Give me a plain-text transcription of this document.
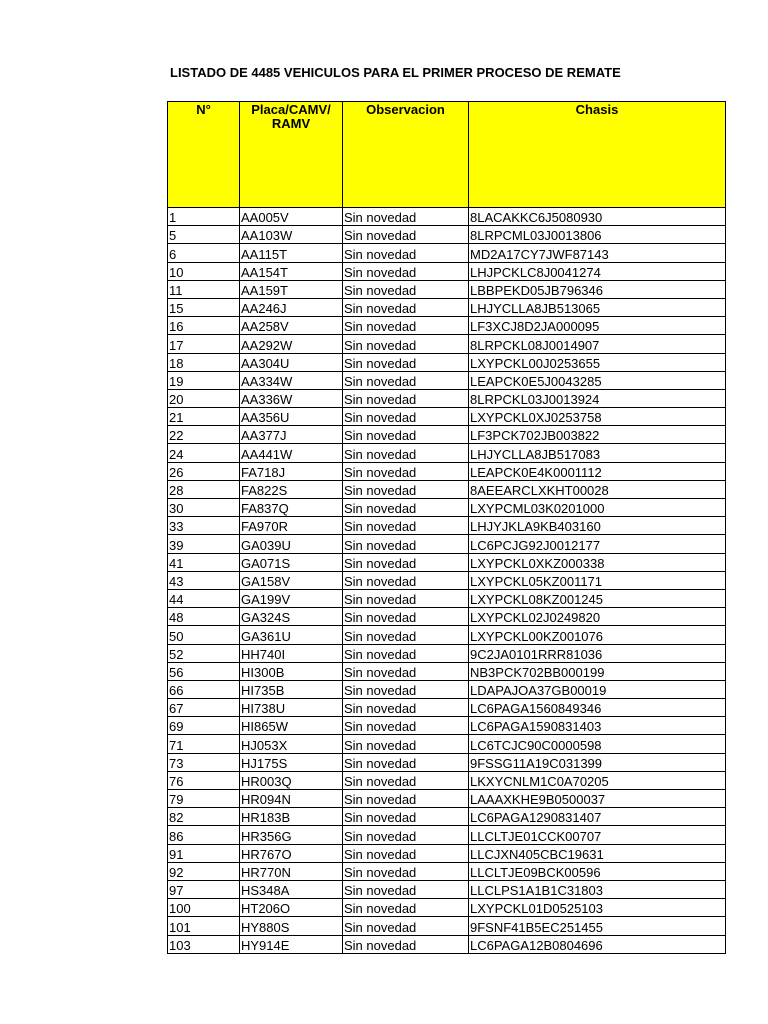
LISTADO DE 4485 VEHICULOS PARA EL PRIMER PROCESO DE REMATE
N°	Placa/CAMV/ RAMV	Observacion	Chasis
1	AA005V	Sin novedad	8LACAKKC6J5080930
5	AA103W	Sin novedad	8LRPCML03J0013806
6	AA115T	Sin novedad	MD2A17CY7JWF87143
10	AA154T	Sin novedad	LHJPCKLC8J0041274
11	AA159T	Sin novedad	LBBPEKD05JB796346
15	AA246J	Sin novedad	LHJYCLLA8JB513065
16	AA258V	Sin novedad	LF3XCJ8D2JA000095
17	AA292W	Sin novedad	8LRPCKL08J0014907
18	AA304U	Sin novedad	LXYPCKL00J0253655
19	AA334W	Sin novedad	LEAPCK0E5J0043285
20	AA336W	Sin novedad	8LRPCKL03J0013924
21	AA356U	Sin novedad	LXYPCKL0XJ0253758
22	AA377J	Sin novedad	LF3PCK702JB003822
24	AA441W	Sin novedad	LHJYCLLA8JB517083
26	FA718J	Sin novedad	LEAPCK0E4K0001112
28	FA822S	Sin novedad	8AEEARCLXKHT00028
30	FA837Q	Sin novedad	LXYPCML03K0201000
33	FA970R	Sin novedad	LHJYJKLA9KB403160
39	GA039U	Sin novedad	LC6PCJG92J0012177
41	GA071S	Sin novedad	LXYPCKL0XKZ000338
43	GA158V	Sin novedad	LXYPCKL05KZ001171
44	GA199V	Sin novedad	LXYPCKL08KZ001245
48	GA324S	Sin novedad	LXYPCKL02J0249820
50	GA361U	Sin novedad	LXYPCKL00KZ001076
52	HH740I	Sin novedad	9C2JA0101RRR81036
56	HI300B	Sin novedad	NB3PCK702BB000199
66	HI735B	Sin novedad	LDAPAJOA37GB00019
67	HI738U	Sin novedad	LC6PAGA1560849346
69	HI865W	Sin novedad	LC6PAGA1590831403
71	HJ053X	Sin novedad	LC6TCJC90C0000598
73	HJ175S	Sin novedad	9FSSG11A19C031399
76	HR003Q	Sin novedad	LKXYCNLM1C0A70205
79	HR094N	Sin novedad	LAAAXKHE9B0500037
82	HR183B	Sin novedad	LC6PAGA1290831407
86	HR356G	Sin novedad	LLCLTJE01CCK00707
91	HR767O	Sin novedad	LLCJXN405CBC19631
92	HR770N	Sin novedad	LLCLTJE09BCK00596
97	HS348A	Sin novedad	LLCLPS1A1B1C31803
100	HT206O	Sin novedad	LXYPCKL01D0525103
101	HY880S	Sin novedad	9FSNF41B5EC251455
103	HY914E	Sin novedad	LC6PAGA12B0804696
